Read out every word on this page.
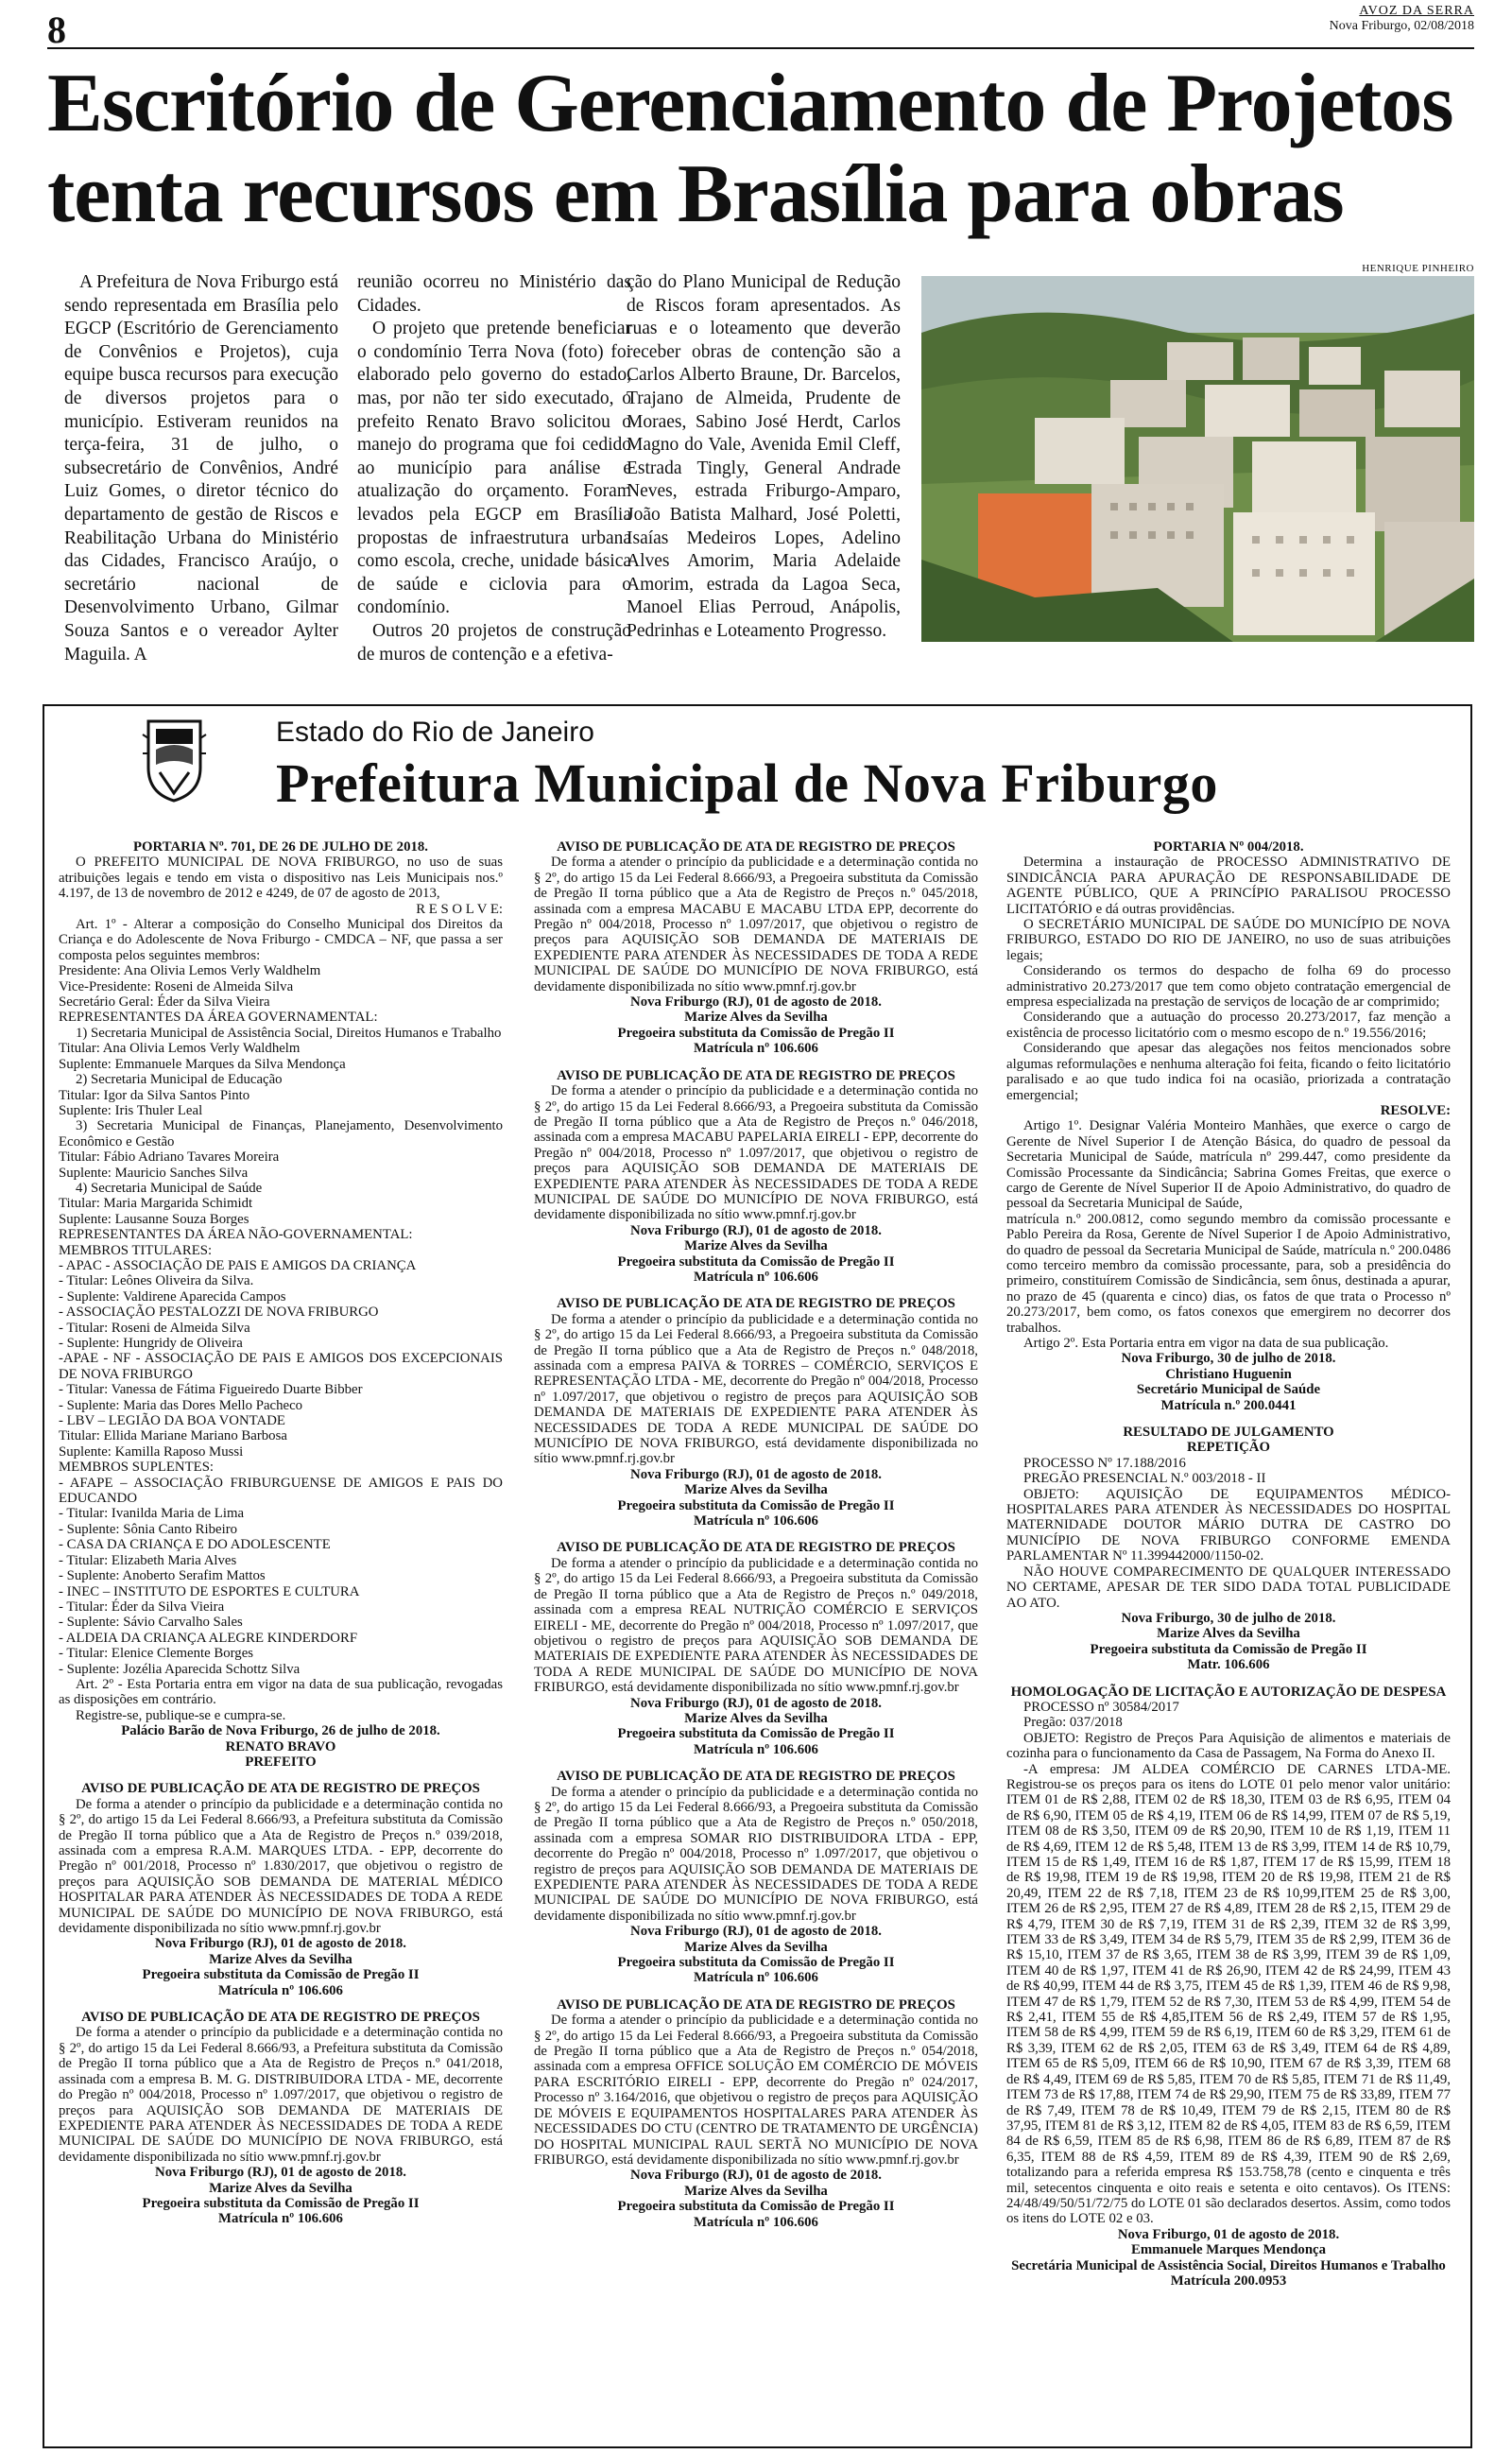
8	AVOZ DA SERRA
Nova Friburgo, 02/08/2018
Escritório de Gerenciamento de Projetos
tenta recursos em Brasília para obras

A Prefeitura de Nova Friburgo está sendo representada em Brasília pelo EGCP (Escritório de Gerenciamento de Convênios e Projetos), cuja equipe busca recursos para execução de diversos projetos para o município. Estiveram reunidos na terça-feira, 31 de julho, o subsecretário de Convênios, André Luiz Gomes, o diretor técnico do departamento de gestão de Riscos e Reabilitação Urbana do Ministério das Cidades, Francisco Araújo, o secretário nacional de Desenvolvimento Urbano, Gilmar Souza Santos e o vereador Aylter Maguila. A

reunião ocorreu no Ministério das Cidades.

O projeto que pretende beneficiar o condomínio Terra Nova (foto) foi elaborado pelo governo do estado, mas, por não ter sido executado, o prefeito Renato Bravo solicitou o manejo do programa que foi cedido ao município para análise e atualização do orçamento. Foram levados pela EGCP em Brasília propostas de infraestrutura urbana como escola, creche, unidade básica de saúde e ciclovia para o condomínio.

Outros 20 projetos de construção de muros de contenção e a efetiva-

ção do Plano Municipal de Redução de Riscos foram apresentados. As ruas e o loteamento que deverão receber obras de contenção são a Carlos Alberto Braune, Dr. Barcelos, Trajano de Almeida, Prudente de Moraes, Sabino José Herdt, Carlos Magno do Vale, Avenida Emil Cleff, Estrada Tingly, General Andrade Neves, estrada Friburgo-Amparo, João Batista Malhard, José Poletti, Isaías Medeiros Lopes, Adelino Alves Amorim, Maria Adelaide Amorim, estrada da Lagoa Seca, Manoel Elias Perroud, Anápolis, Pedrinhas e Loteamento Progresso.

HENRIQUE PINHEIRO
Estado do Rio de Janeiro
Prefeitura Municipal de Nova Friburgo

PORTARIA Nº. 701, DE 26 DE JULHO DE 2018.

O PREFEITO MUNICIPAL DE NOVA FRIBURGO, no uso de suas atribuições legais e tendo em vista o dispositivo nas Leis Municipais nos.º 4.197, de 13 de novembro de 2012 e 4249, de 07 de agosto de 2013,

R E S O L V E:

Art. 1º - Alterar a composição do Conselho Municipal dos Direitos da Criança e do Adolescente de Nova Friburgo - CMDCA – NF, que passa a ser composta pelos seguintes membros:

Presidente: Ana Olivia Lemos Verly Waldhelm

Vice-Presidente: Roseni de Almeida Silva

Secretário Geral: Éder da Silva Vieira

REPRESENTANTES DA ÁREA GOVERNAMENTAL:

1) Secretaria Municipal de Assistência Social, Direitos Humanos e Trabalho

Titular: Ana Olivia Lemos Verly Waldhelm

Suplente: Emmanuele Marques da Silva Mendonça

2) Secretaria Municipal de Educação

Titular: Igor da Silva Santos Pinto

Suplente: Iris Thuler Leal

3) Secretaria Municipal de Finanças, Planejamento, Desenvolvimento Econômico e Gestão

Titular: Fábio Adriano Tavares Moreira

Suplente: Mauricio Sanches Silva

4) Secretaria Municipal de Saúde

Titular: Maria Margarida Schimidt

Suplente: Lausanne Souza Borges

REPRESENTANTES DA ÁREA NÃO-GOVERNAMENTAL:

MEMBROS TITULARES:

- APAC - ASSOCIAÇÃO DE PAIS E AMIGOS DA CRIANÇA

- Titular: Leônes Oliveira da Silva.

- Suplente: Valdirene Aparecida Campos

- ASSOCIAÇÃO PESTALOZZI DE NOVA FRIBURGO

- Titular: Roseni de Almeida Silva

- Suplente: Hungridy de Oliveira

-APAE - NF - ASSOCIAÇÃO DE PAIS E AMIGOS DOS EXCEPCIONAIS DE NOVA FRIBURGO

- Titular: Vanessa de Fátima Figueiredo Duarte Bibber

- Suplente: Maria das Dores Mello Pacheco

- LBV – LEGIÃO DA BOA VONTADE

Titular: Ellida Mariane Mariano Barbosa

Suplente: Kamilla Raposo Mussi

MEMBROS SUPLENTES:

- AFAPE – ASSOCIAÇÃO FRIBURGUENSE DE AMIGOS E PAIS DO EDUCANDO

- Titular: Ivanilda Maria de Lima

- Suplente: Sônia Canto Ribeiro

- CASA DA CRIANÇA E DO ADOLESCENTE

- Titular: Elizabeth Maria Alves

- Suplente: Anoberto Serafim Mattos

- INEC – INSTITUTO DE ESPORTES E CULTURA

- Titular: Éder da Silva Vieira

- Suplente: Sávio Carvalho Sales

- ALDEIA DA CRIANÇA ALEGRE KINDERDORF

- Titular: Elenice Clemente Borges

- Suplente: Jozélia Aparecida Schottz Silva

Art. 2º - Esta Portaria entra em vigor na data de sua publicação, revogadas as disposições em contrário.

Registre-se, publique-se e cumpra-se.

Palácio Barão de Nova Friburgo, 26 de julho de 2018.

RENATO BRAVO

PREFEITO

AVISO DE PUBLICAÇÃO DE ATA DE REGISTRO DE PREÇOS

De forma a atender o princípio da publicidade e a determinação contida no § 2º, do artigo 15 da Lei Federal 8.666/93, a Prefeitura substituta da Comissão de Pregão II torna público que a Ata de Registro de Preços n.º 039/2018, assinada com a empresa R.A.M. MARQUES LTDA. - EPP, decorrente do Pregão nº 001/2018, Processo nº 1.830/2017, que objetivou o registro de preços para AQUISIÇÃO SOB DEMANDA DE MATERIAL MÉDICO HOSPITALAR PARA ATENDER ÀS NECESSIDADES DE TODA A REDE MUNICIPAL DE SAÚDE DO MUNICÍPIO DE NOVA FRIBURGO, está devidamente disponibilizada no sítio www.pmnf.rj.gov.br

Nova Friburgo (RJ), 01 de agosto de 2018.

Marize Alves da Sevilha

Pregoeira substituta da Comissão de Pregão II

Matrícula nº 106.606

AVISO DE PUBLICAÇÃO DE ATA DE REGISTRO DE PREÇOS

De forma a atender o princípio da publicidade e a determinação contida no § 2º, do artigo 15 da Lei Federal 8.666/93, a Prefeitura substituta da Comissão de Pregão II torna público que a Ata de Registro de Preços n.º 041/2018, assinada com a empresa B. M. G. DISTRIBUIDORA LTDA - ME, decorrente do Pregão nº 004/2018, Processo nº 1.097/2017, que objetivou o registro de preços para AQUISIÇÃO SOB DEMANDA DE MATERIAIS DE EXPEDIENTE PARA ATENDER ÀS NECESSIDADES DE TODA A REDE MUNICIPAL DE SAÚDE DO MUNICÍPIO DE NOVA FRIBURGO, está devidamente disponibilizada no sítio www.pmnf.rj.gov.br

Nova Friburgo (RJ), 01 de agosto de 2018.

Marize Alves da Sevilha

Pregoeira substituta da Comissão de Pregão II

Matrícula nº 106.606

AVISO DE PUBLICAÇÃO DE ATA DE REGISTRO DE PREÇOS

De forma a atender o princípio da publicidade e a determinação contida no § 2º, do artigo 15 da Lei Federal 8.666/93, a Pregoeira substituta da Comissão de Pregão II torna público que a Ata de Registro de Preços n.º 045/2018, assinada com a empresa MACABU E MACABU LTDA EPP, decorrente do Pregão nº 004/2018, Processo nº 1.097/2017, que objetivou o registro de preços para AQUISIÇÃO SOB DEMANDA DE MATERIAIS DE EXPEDIENTE PARA ATENDER ÀS NECESSIDADES DE TODA A REDE MUNICIPAL DE SAÚDE DO MUNICÍPIO DE NOVA FRIBURGO, está devidamente disponibilizada no sítio www.pmnf.rj.gov.br

Nova Friburgo (RJ), 01 de agosto de 2018.

Marize Alves da Sevilha

Pregoeira substituta da Comissão de Pregão II

Matrícula nº 106.606

AVISO DE PUBLICAÇÃO DE ATA DE REGISTRO DE PREÇOS

De forma a atender o princípio da publicidade e a determinação contida no § 2º, do artigo 15 da Lei Federal 8.666/93, a Pregoeira substituta da Comissão de Pregão II torna público que a Ata de Registro de Preços n.º 046/2018, assinada com a empresa MACABU PAPELARIA EIRELI - EPP, decorrente do Pregão nº 004/2018, Processo nº 1.097/2017, que objetivou o registro de preços para AQUISIÇÃO SOB DEMANDA DE MATERIAIS DE EXPEDIENTE PARA ATENDER ÀS NECESSIDADES DE TODA A REDE MUNICIPAL DE SAÚDE DO MUNICÍPIO DE NOVA FRIBURGO, está devidamente disponibilizada no sítio www.pmnf.rj.gov.br

Nova Friburgo (RJ), 01 de agosto de 2018.

Marize Alves da Sevilha

Pregoeira substituta da Comissão de Pregão II

Matrícula nº 106.606

AVISO DE PUBLICAÇÃO DE ATA DE REGISTRO DE PREÇOS

De forma a atender o princípio da publicidade e a determinação contida no § 2º, do artigo 15 da Lei Federal 8.666/93, a Pregoeira substituta da Comissão de Pregão II torna público que a Ata de Registro de Preços n.º 048/2018, assinada com a empresa PAIVA & TORRES – COMÉRCIO, SERVIÇOS E REPRESENTAÇÃO LTDA - ME, decorrente do Pregão nº 004/2018, Processo nº 1.097/2017, que objetivou o registro de preços para AQUISIÇÃO SOB DEMANDA DE MATERIAIS DE EXPEDIENTE PARA ATENDER ÀS NECESSIDADES DE TODA A REDE MUNICIPAL DE SAÚDE DO MUNICÍPIO DE NOVA FRIBURGO, está devidamente disponibilizada no sítio www.pmnf.rj.gov.br

Nova Friburgo (RJ), 01 de agosto de 2018.

Marize Alves da Sevilha

Pregoeira substituta da Comissão de Pregão II

Matrícula nº 106.606

AVISO DE PUBLICAÇÃO DE ATA DE REGISTRO DE PREÇOS

De forma a atender o princípio da publicidade e a determinação contida no § 2º, do artigo 15 da Lei Federal 8.666/93, a Pregoeira substituta da Comissão de Pregão II torna público que a Ata de Registro de Preços n.º 049/2018, assinada com a empresa REAL NUTRIÇÃO COMÉRCIO E SERVIÇOS EIRELI - ME, decorrente do Pregão nº 004/2018, Processo nº 1.097/2017, que objetivou o registro de preços para AQUISIÇÃO SOB DEMANDA DE MATERIAIS DE EXPEDIENTE PARA ATENDER ÀS NECESSIDADES DE TODA A REDE MUNICIPAL DE SAÚDE DO MUNICÍPIO DE NOVA FRIBURGO, está devidamente disponibilizada no sítio www.pmnf.rj.gov.br

Nova Friburgo (RJ), 01 de agosto de 2018.

Marize Alves da Sevilha

Pregoeira substituta da Comissão de Pregão II

Matrícula nº 106.606

AVISO DE PUBLICAÇÃO DE ATA DE REGISTRO DE PREÇOS

De forma a atender o princípio da publicidade e a determinação contida no § 2º, do artigo 15 da Lei Federal 8.666/93, a Pregoeira substituta da Comissão de Pregão II torna público que a Ata de Registro de Preços n.º 050/2018, assinada com a empresa SOMAR RIO DISTRIBUIDORA LTDA - EPP, decorrente do Pregão nº 004/2018, Processo nº 1.097/2017, que objetivou o registro de preços para AQUISIÇÃO SOB DEMANDA DE MATERIAIS DE EXPEDIENTE PARA ATENDER ÀS NECESSIDADES DE TODA A REDE MUNICIPAL DE SAÚDE DO MUNICÍPIO DE NOVA FRIBURGO, está devidamente disponibilizada no sítio www.pmnf.rj.gov.br

Nova Friburgo (RJ), 01 de agosto de 2018.

Marize Alves da Sevilha

Pregoeira substituta da Comissão de Pregão II

Matrícula nº 106.606

AVISO DE PUBLICAÇÃO DE ATA DE REGISTRO DE PREÇOS

De forma a atender o princípio da publicidade e a determinação contida no § 2º, do artigo 15 da Lei Federal 8.666/93, a Pregoeira substituta da Comissão de Pregão II torna público que a Ata de Registro de Preços n.º 054/2018, assinada com a empresa OFFICE SOLUÇÃO EM COMÉRCIO DE MÓVEIS PARA ESCRITÓRIO EIRELI - EPP, decorrente do Pregão nº 024/2017, Processo nº 3.164/2016, que objetivou o registro de preços para AQUISIÇÃO DE MÓVEIS E EQUIPAMENTOS HOSPITALARES PARA ATENDER ÀS NECESSIDADES DO CTU (CENTRO DE TRATAMENTO DE URGÊNCIA) DO HOSPITAL MUNICIPAL RAUL SERTÃ NO MUNICÍPIO DE NOVA FRIBURGO, está devidamente disponibilizada no sítio www.pmnf.rj.gov.br

Nova Friburgo (RJ), 01 de agosto de 2018.

Marize Alves da Sevilha

Pregoeira substituta da Comissão de Pregão II

Matrícula nº 106.606

PORTARIA Nº 004/2018.

Determina a instauração de PROCESSO ADMINISTRATIVO DE SINDICÂNCIA PARA APURAÇÃO DE RESPONSABILIDADE DE AGENTE PÚBLICO, QUE A PRINCÍPIO PARALISOU PROCESSO LICITATÓRIO e dá outras providências.

O SECRETÁRIO MUNICIPAL DE SAÚDE DO MUNICÍPIO DE NOVA FRIBURGO, ESTADO DO RIO DE JANEIRO, no uso de suas atribuições legais;

Considerando os termos do despacho de folha 69 do processo administrativo 20.273/2017 que tem como objeto contratação emergencial de empresa especializada na prestação de serviços de locação de ar comprimido;

Considerando que a autuação do processo 20.273/2017, faz menção a existência de processo licitatório com o mesmo escopo de n.º 19.556/2016;

Considerando que apesar das alegações nos feitos mencionados sobre algumas reformulações e nenhuma alteração foi feita, ficando o feito licitatório paralisado e ao que tudo indica foi na ocasião, priorizada a contratação emergencial;

RESOLVE:

Artigo 1º. Designar Valéria Monteiro Manhães, que exerce o cargo de Gerente de Nível Superior I de Atenção Básica, do quadro de pessoal da Secretaria Municipal de Saúde, matrícula nº 299.447, como presidente da Comissão Processante da Sindicância; Sabrina Gomes Freitas, que exerce o cargo de Gerente de Nível Superior II de Apoio Administrativo, do quadro de pessoal da Secretaria Municipal de Saúde,

matrícula n.º 200.0812, como segundo membro da comissão processante e Pablo Pereira da Rosa, Gerente de Nível Superior I de Apoio Administrativo, do quadro de pessoal da Secretaria Municipal de Saúde, matrícula n.º 200.0486 como terceiro membro da comissão processante, para, sob a presidência do primeiro, constituírem Comissão de Sindicância, sem ônus, destinada a apurar, no prazo de 45 (quarenta e cinco) dias, os fatos de que trata o Processo nº 20.273/2017, bem como, os fatos conexos que emergirem no decorrer dos trabalhos.

Artigo 2º. Esta Portaria entra em vigor na data de sua publicação.

Nova Friburgo, 30 de julho de 2018.

Christiano Huguenin

Secretário Municipal de Saúde

Matrícula n.º 200.0441

RESULTADO DE JULGAMENTO

REPETIÇÃO

PROCESSO Nº 17.188/2016

PREGÃO PRESENCIAL N.º 003/2018 - II

OBJETO: AQUISIÇÃO DE EQUIPAMENTOS MÉDICO-HOSPITALARES PARA ATENDER ÀS NECESSIDADES DO HOSPITAL MATERNIDADE DOUTOR MÁRIO DUTRA DE CASTRO DO MUNICÍPIO DE NOVA FRIBURGO CONFORME EMENDA PARLAMENTAR Nº 11.399442000/1150-02.

NÃO HOUVE COMPARECIMENTO DE QUALQUER INTERESSADO NO CERTAME, APESAR DE TER SIDO DADA TOTAL PUBLICIDADE AO ATO.

Nova Friburgo, 30 de julho de 2018.

Marize Alves da Sevilha

Pregoeira substituta da Comissão de Pregão II

Matr. 106.606

HOMOLOGAÇÃO DE LICITAÇÃO E AUTORIZAÇÃO DE DESPESA

PROCESSO nº 30584/2017

Pregão: 037/2018

OBJETO: Registro de Preços Para Aquisição de alimentos e materiais de cozinha para o funcionamento da Casa de Passagem, Na Forma do Anexo II.

-A empresa: JM ALDEA COMÉRCIO DE CARNES LTDA-ME. Registrou-se os preços para os itens do LOTE 01 pelo menor valor unitário: ITEM 01 de R$ 2,88, ITEM 02 de R$ 18,30, ITEM 03 de R$ 6,95, ITEM 04 de R$ 6,90, ITEM 05 de R$ 4,19, ITEM 06 de R$ 14,99, ITEM 07 de R$ 5,19, ITEM 08 de R$ 3,50, ITEM 09 de R$ 20,90, ITEM 10 de R$ 1,19, ITEM 11 de R$ 4,69, ITEM 12 de R$ 5,48, ITEM 13 de R$ 3,99, ITEM 14 de R$ 10,79, ITEM 15 de R$ 1,49, ITEM 16 de R$ 1,87, ITEM 17 de R$ 15,99, ITEM 18 de R$ 19,98, ITEM 19 de R$ 19,98, ITEM 20 de R$ 19,98, ITEM 21 de R$ 20,49, ITEM 22 de R$ 7,18, ITEM 23 de R$ 10,99,ITEM 25 de R$ 3,00, ITEM 26 de R$ 2,95, ITEM 27 de R$ 4,89, ITEM 28 de R$ 2,15, ITEM 29 de R$ 4,79, ITEM 30 de R$ 7,19, ITEM 31 de R$ 2,39, ITEM 32 de R$ 3,99, ITEM 33 de R$ 3,49, ITEM 34 de R$ 5,79, ITEM 35 de R$ 2,99, ITEM 36 de R$ 15,10, ITEM 37 de R$ 3,65, ITEM 38 de R$ 3,99, ITEM 39 de R$ 1,09, ITEM 40 de R$ 1,97, ITEM 41 de R$ 26,90, ITEM 42 de R$ 24,99, ITEM 43 de R$ 40,99, ITEM 44 de R$ 3,75, ITEM 45 de R$ 1,39, ITEM 46 de R$ 9,98, ITEM 47 de R$ 1,79, ITEM 52 de R$ 7,30, ITEM 53 de R$ 4,99, ITEM 54 de R$ 2,41, ITEM 55 de R$ 4,85,ITEM 56 de R$ 2,49, ITEM 57 de R$ 1,95, ITEM 58 de R$ 4,99, ITEM 59 de R$ 6,19, ITEM 60 de R$ 3,29, ITEM 61 de R$ 3,39, ITEM 62 de R$ 2,05, ITEM 63 de R$ 3,49, ITEM 64 de R$ 4,89, ITEM 65 de R$ 5,09, ITEM 66 de R$ 10,90, ITEM 67 de R$ 3,39, ITEM 68 de R$ 4,49, ITEM 69 de R$ 5,85, ITEM 70 de R$ 5,85, ITEM 71 de R$ 11,49, ITEM 73 de R$ 17,88, ITEM 74 de R$ 29,90, ITEM 75 de R$ 33,89, ITEM 77 de R$ 7,49, ITEM 78 de R$ 10,49, ITEM 79 de R$ 2,15, ITEM 80 de R$ 37,95, ITEM 81 de R$ 3,12, ITEM 82 de R$ 4,05, ITEM 83 de R$ 6,59, ITEM 84 de R$ 6,59, ITEM 85 de R$ 6,98, ITEM 86 de R$ 6,89, ITEM 87 de R$ 6,35, ITEM 88 de R$ 4,59, ITEM 89 de R$ 4,39, ITEM 90 de R$ 2,69, totalizando para a referida empresa R$ 153.758,78 (cento e cinquenta e três mil, setecentos cinquenta e oito reais e setenta e oito centavos). Os ITENS: 24/48/49/50/51/72/75 do LOTE 01 são declarados desertos. Assim, como todos os itens do LOTE 02 e 03.

Nova Friburgo, 01 de agosto de 2018.

Emmanuele Marques Mendonça

Secretária Municipal de Assistência Social, Direitos Humanos e Trabalho

Matrícula 200.0953
